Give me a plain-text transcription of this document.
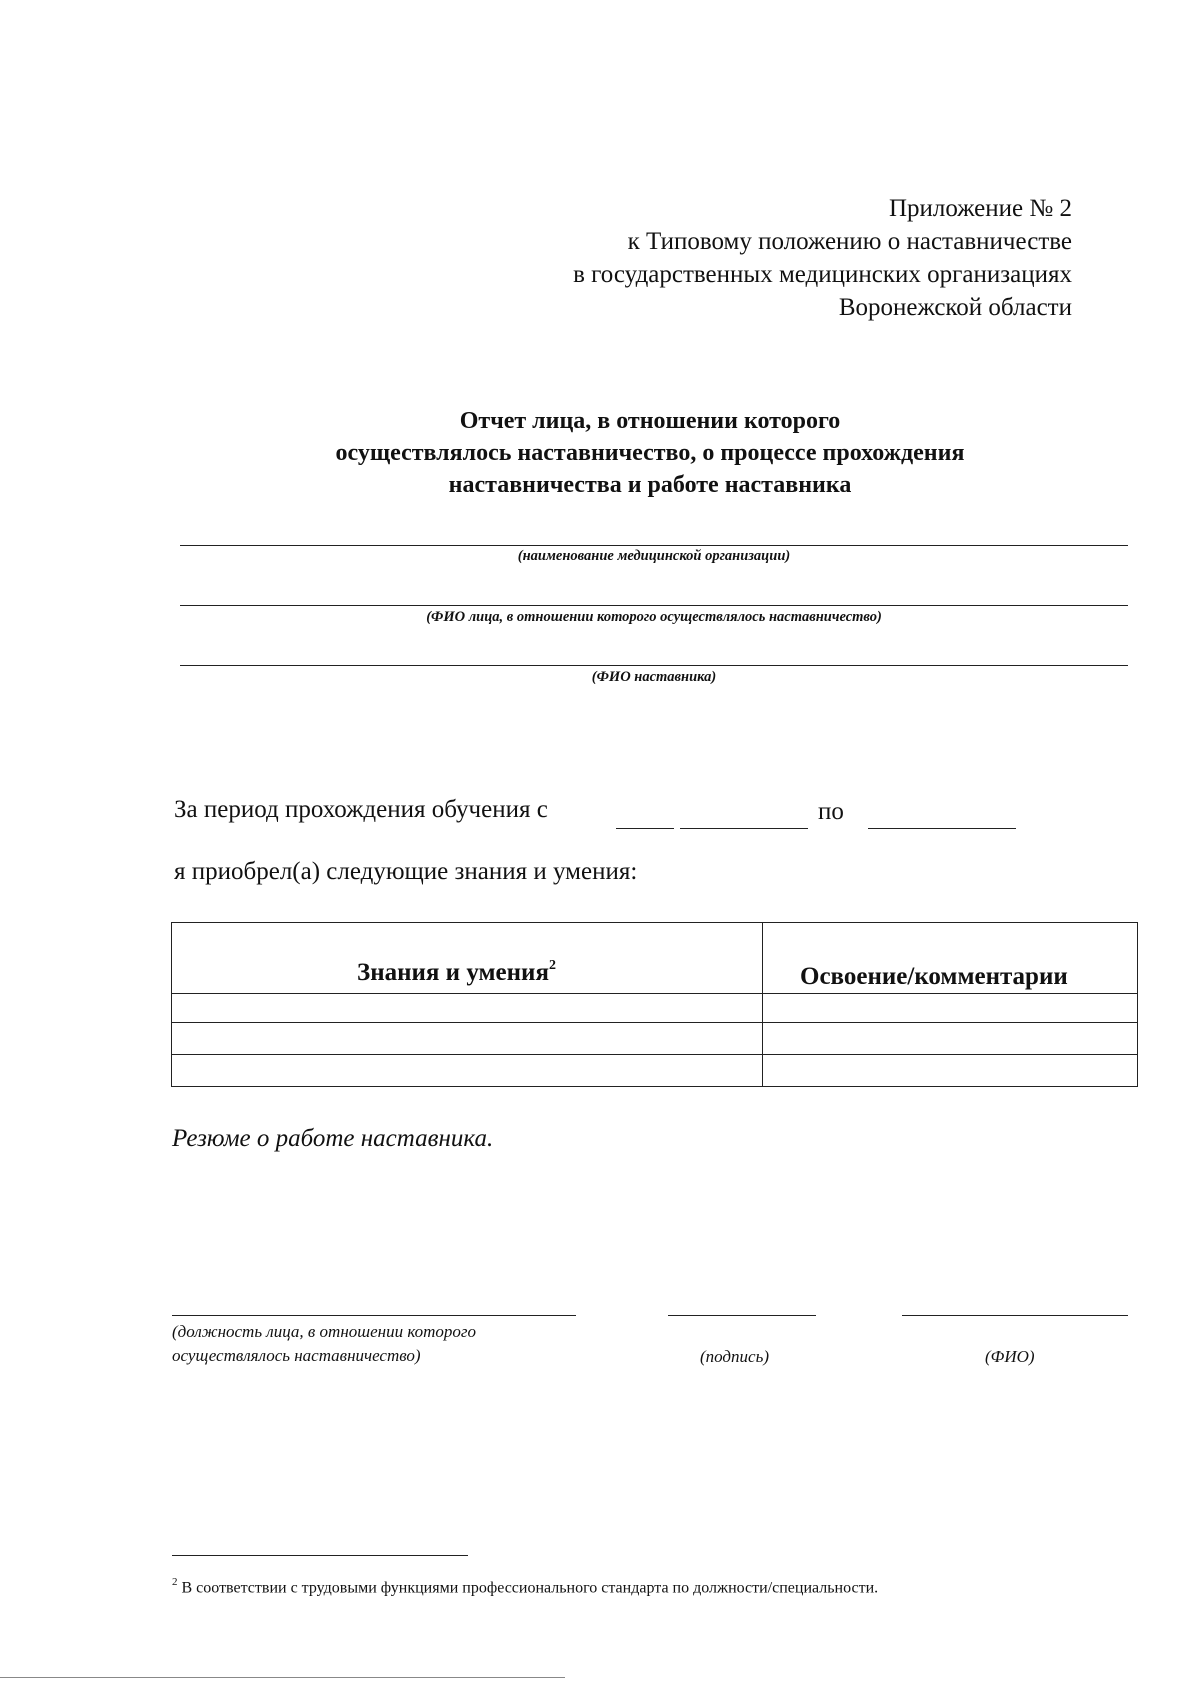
Приложение № 2
к Типовому положению о наставничестве
в государственных медицинских организациях
Воронежской области
Отчет лица, в отношении которого
осуществлялось наставничество, о процессе прохождения
наставничества и работе наставника
(наименование медицинской организации)
(ФИО лица, в отношении которого осуществлялось наставничество)
(ФИО наставника)
За период прохождения обучения с	по
я приобрел(а) следующие знания и умения:
Знания и умения$^2$	Освоение/комментарии
Резюме о работе наставника.
(должность лица, в отношении которого
осуществлялось наставничество)	(подпись)	(ФИО)
$^2$ В соответствии с трудовыми функциями профессионального стандарта по должности/специальности.
